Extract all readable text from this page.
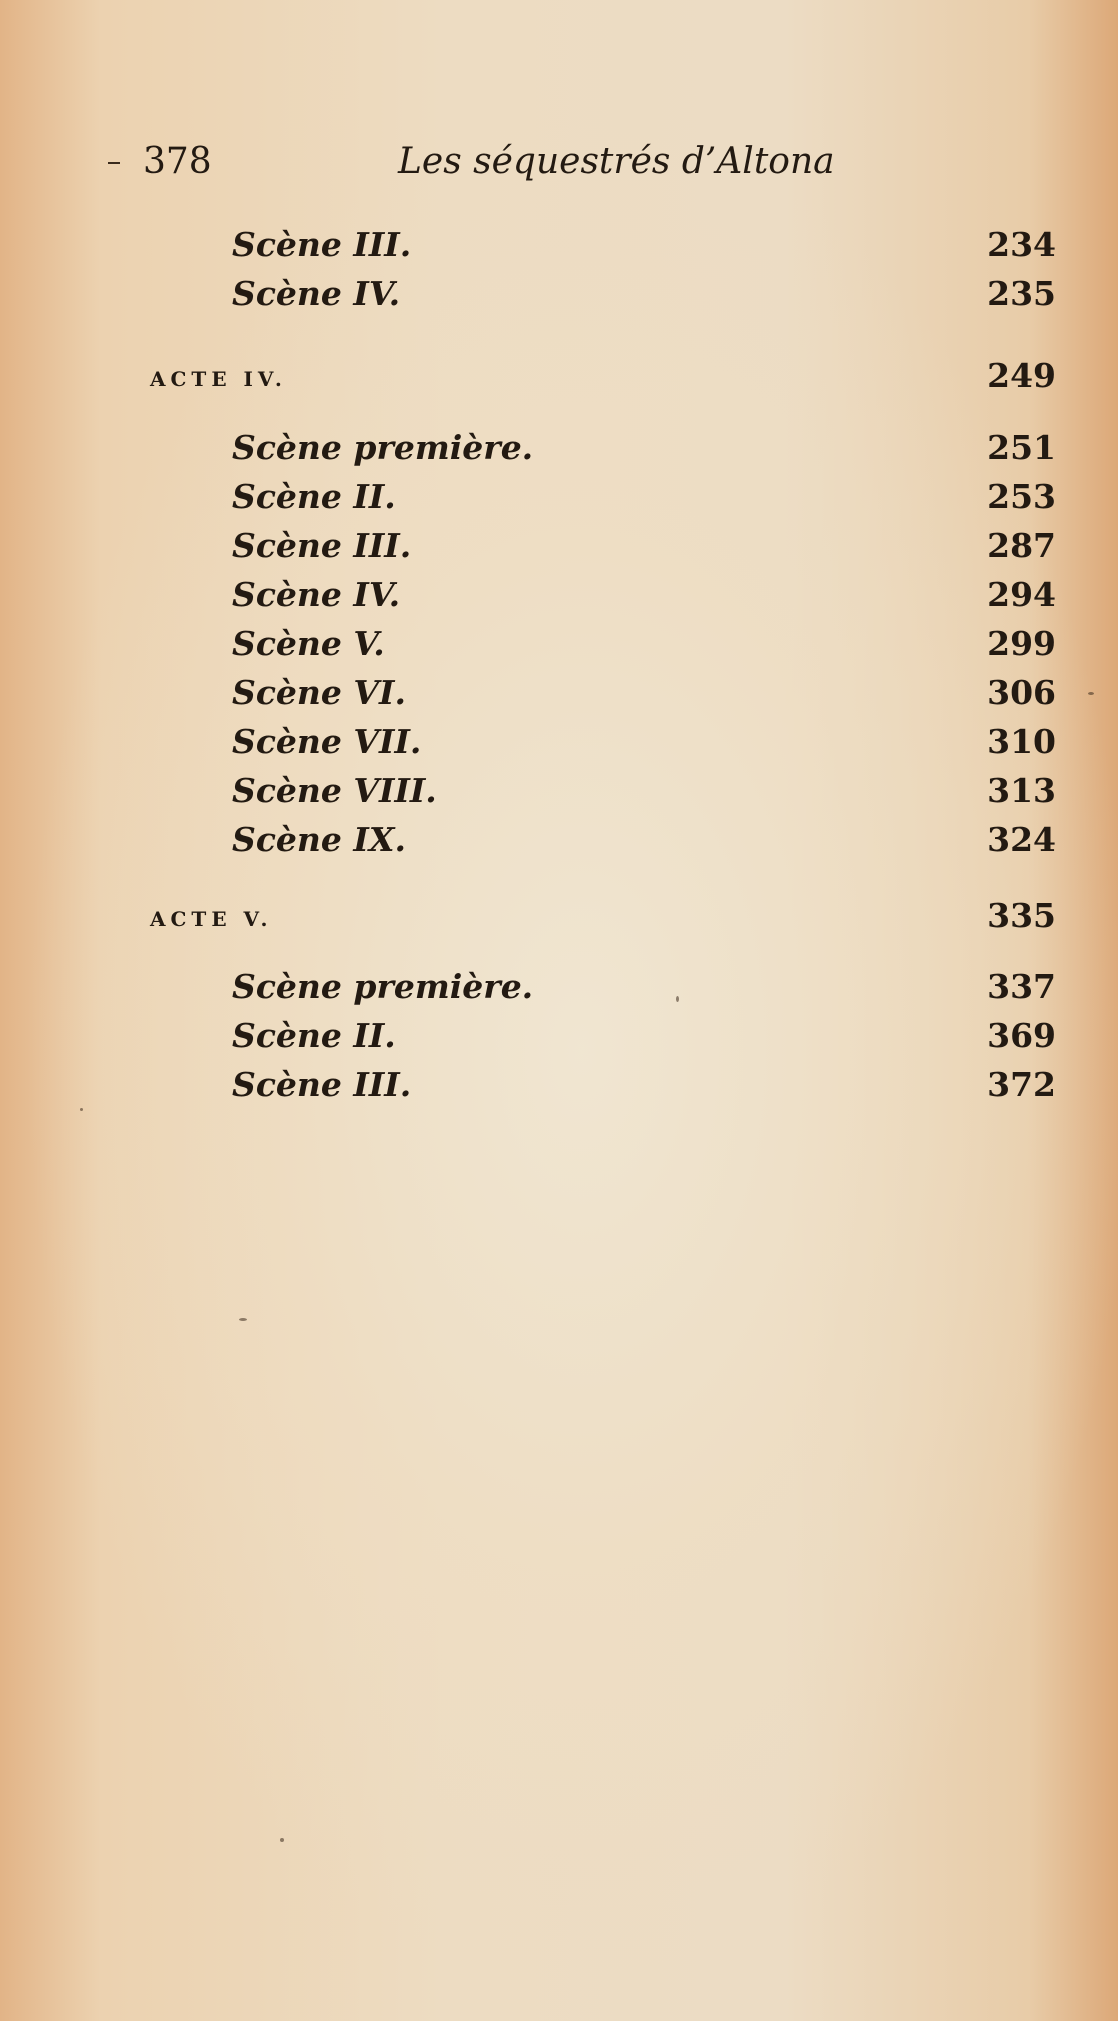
378	Les séquestrés d’Altona
Scène III.	234
Scène IV.	235
ACTE IV.	249
Scène première.	251
Scène II.	253
Scène III.	287
Scène IV.	294
Scène V.	299
Scène VI.	306
Scène VII.	310
Scène VIII.	313
Scène IX.	324
ACTE V.	335
Scène première.	337
Scène II.	369
Scène III.	372
